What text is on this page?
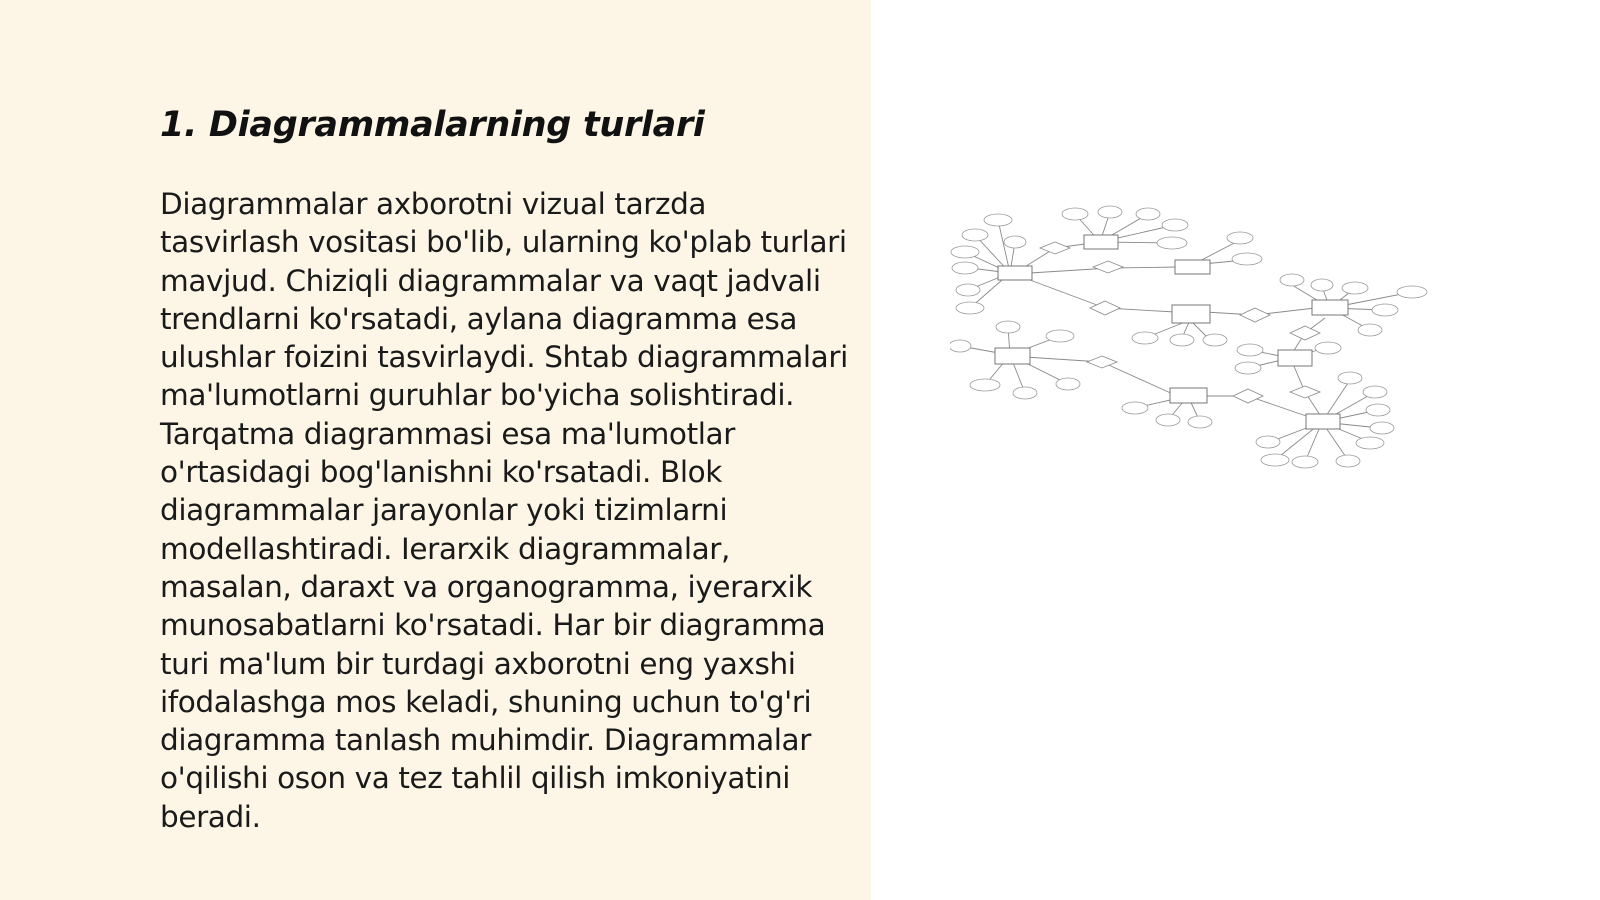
1. Diagrammalarning turlari

Diagrammalar axborotni vizual tarzda tasvirlash vositasi bo'lib, ularning ko'plab turlari mavjud. Chiziqli diagrammalar va vaqt jadvali trendlarni ko'rsatadi, aylana diagramma esa ulushlar foizini tasvirlaydi. Shtab diagrammalari ma'lumotlarni guruhlar bo'yicha solishtiradi. Tarqatma diagrammasi esa ma'lumotlar o'rtasidagi bog'lanishni ko'rsatadi. Blok diagrammalar jarayonlar yoki tizimlarni modellashtiradi. Ierarxik diagrammalar, masalan, daraxt va organogramma, iyerarxik munosabatlarni ko'rsatadi. Har bir diagramma turi ma'lum bir turdagi axborotni eng yaxshi ifodalashga mos keladi, shuning uchun to'g'ri diagramma tanlash muhimdir. Diagrammalar o'qilishi oson va tez tahlil qilish imkoniyatini beradi.
